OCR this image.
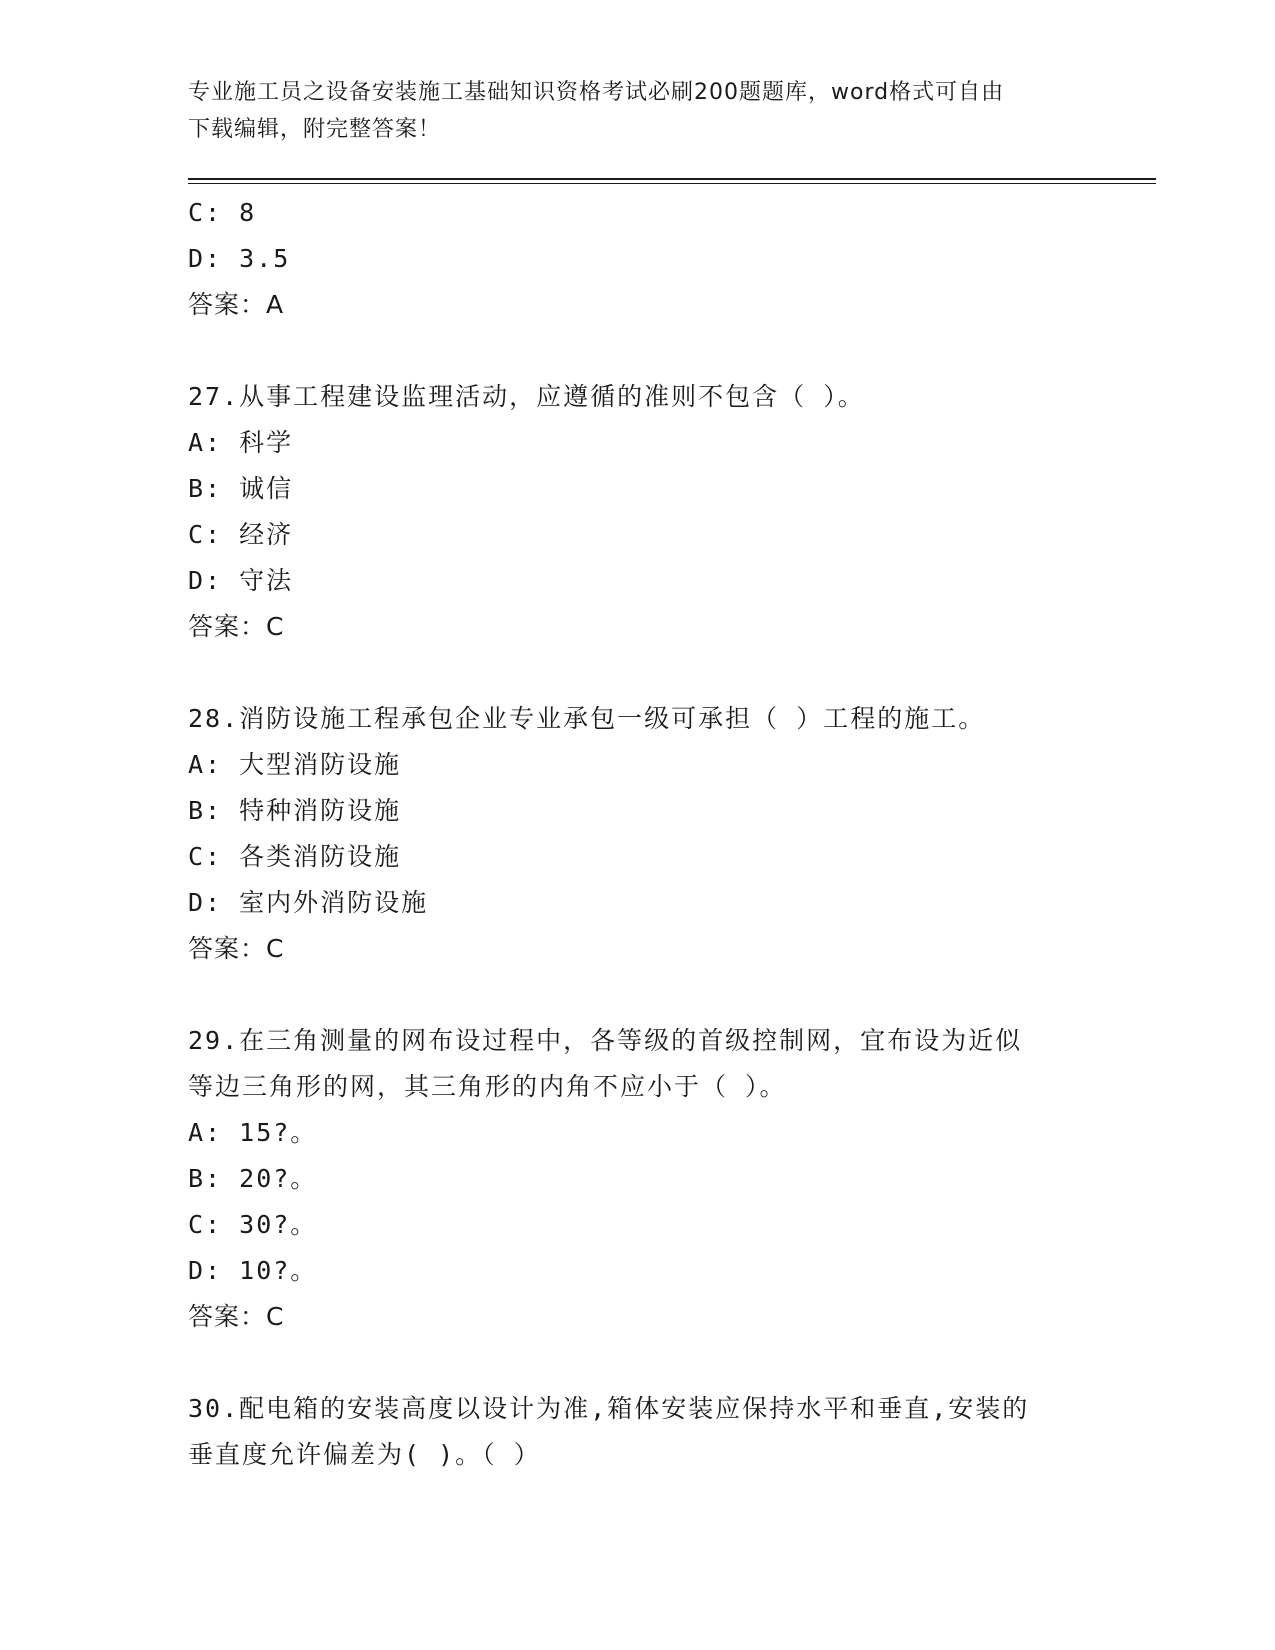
专业施工员之设备安装施工基础知识资格考试必刷200题题库，word格式可自由
下载编辑，附完整答案！
C: 8
D: 3.5
答案：A
27.从事工程建设监理活动，应遵循的准则不包含（ ）。
A: 科学
B: 诚信
C: 经济
D: 守法
答案：C
28.消防设施工程承包企业专业承包一级可承担（ ）工程的施工。
A: 大型消防设施
B: 特种消防设施
C: 各类消防设施
D: 室内外消防设施
答案：C
29.在三角测量的网布设过程中，各等级的首级控制网，宜布设为近似
等边三角形的网，其三角形的内角不应小于（ ）。
A: 15?。
B: 20?。
C: 30?。
D: 10?。
答案：C
30.配电箱的安装高度以设计为准,箱体安装应保持水平和垂直,安装的
垂直度允许偏差为( )。（ ）
